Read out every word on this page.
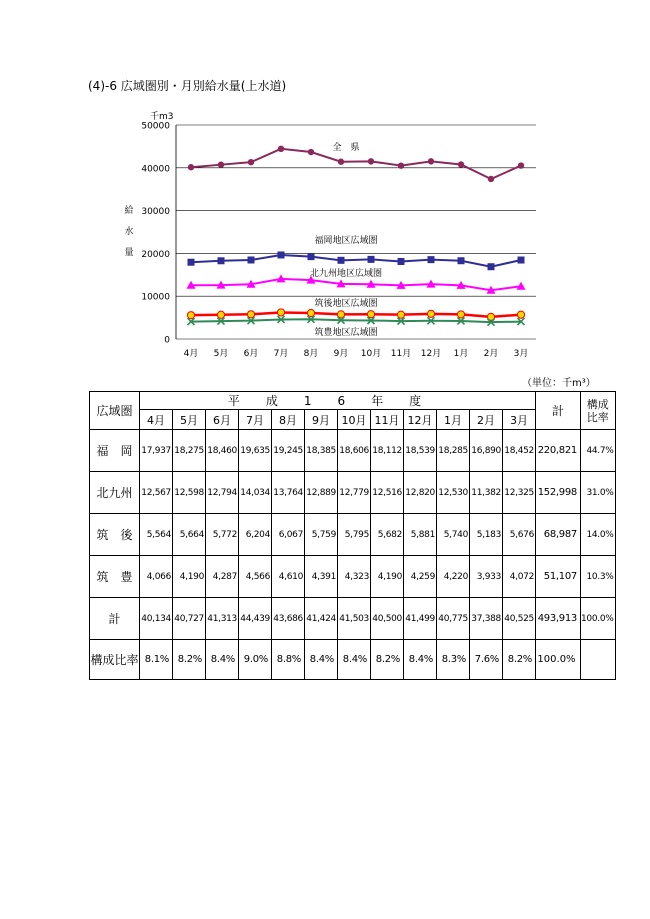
(4)-6 広域圏別・月別給水量(上水道)
0
10000
20000
30000
40000
50000
4月 5月 6月 7月 8月 9月 10月 11月 12月 1月 2月 3月
千m3
給
水
量
全　県
福岡地区広域圏
北九州地区広域圏
筑後地区広域圏
筑豊地区広域圏
（単位：千m³）
広域圏	平成16年度												計	構成比率
	4月	5月	6月	7月	8月	9月	10月	11月	12月	1月	2月	3月		
福　岡	17,937	18,275	18,460	19,635	19,245	18,385	18,606	18,112	18,539	18,285	16,890	18,452	220,821	44.7%
北九州	12,567	12,598	12,794	14,034	13,764	12,889	12,779	12,516	12,820	12,530	11,382	12,325	152,998	31.0%
筑　後	5,564	5,664	5,772	6,204	6,067	5,759	5,795	5,682	5,881	5,740	5,183	5,676	68,987	14.0%
筑　豊	4,066	4,190	4,287	4,566	4,610	4,391	4,323	4,190	4,259	4,220	3,933	4,072	51,107	10.3%
計	40,134	40,727	41,313	44,439	43,686	41,424	41,503	40,500	41,499	40,775	37,388	40,525	493,913	100.0%
構成比率	8.1%	8.2%	8.4%	9.0%	8.8%	8.4%	8.4%	8.2%	8.4%	8.3%	7.6%	8.2%	100.0%	
